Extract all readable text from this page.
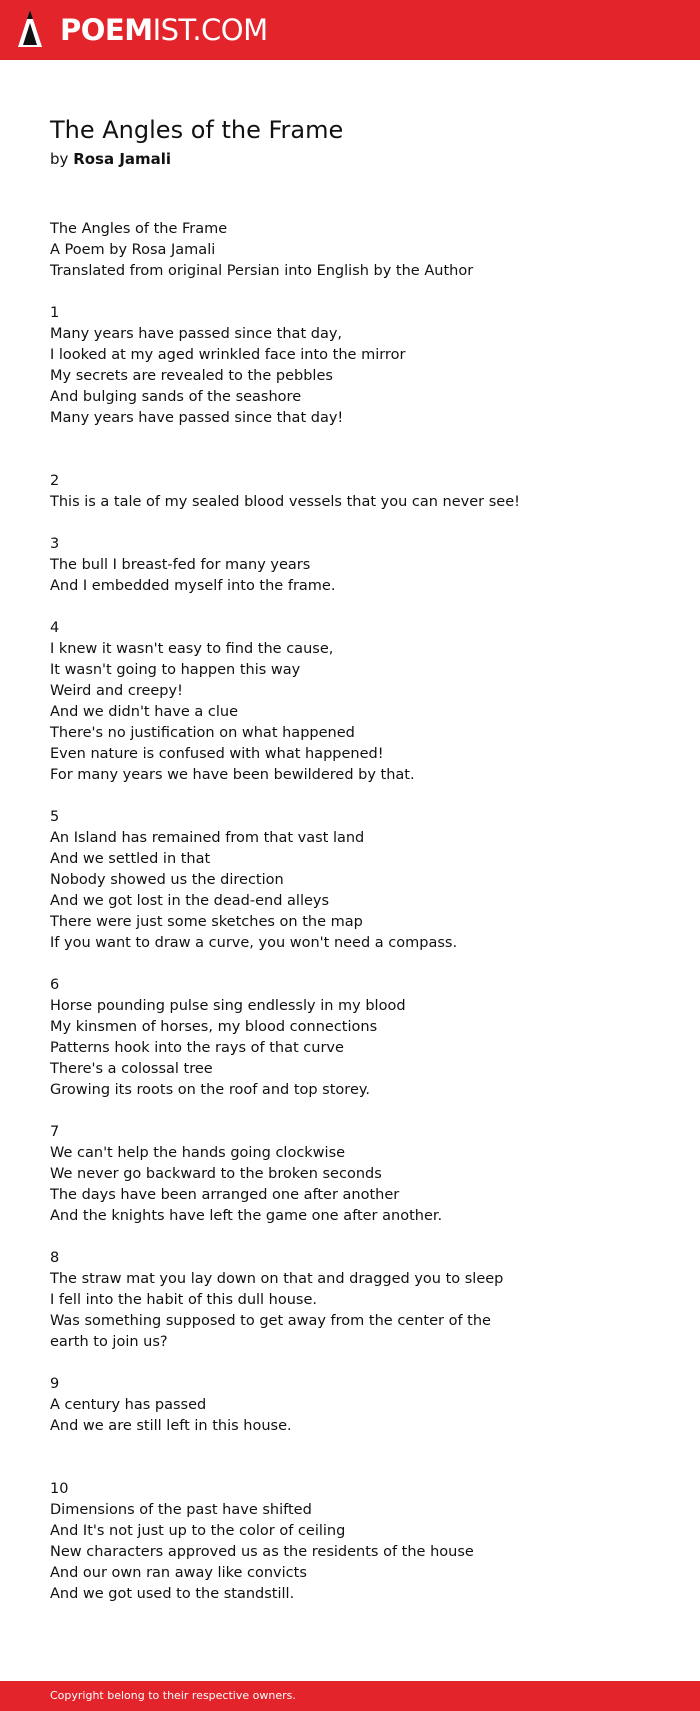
POEMIST.COM
The Angles of the Frame
by Rosa Jamali
The Angles of the Frame
A Poem by Rosa Jamali
Translated from original Persian into English by the Author
1
Many years have passed since that day,
I looked at my aged wrinkled face into the mirror
My secrets are revealed to the pebbles
And bulging sands of the seashore
Many years have passed since that day!
2
This is a tale of my sealed blood vessels that you can never see!
3
The bull I breast-fed for many years
And I embedded myself into the frame.
4
I knew it wasn't easy to find the cause,
It wasn't going to happen this way
Weird and creepy!
And we didn't have a clue
There's no justification on what happened
Even nature is confused with what happened!
For many years we have been bewildered by that.
5
An Island has remained from that vast land
And we settled in that
Nobody showed us the direction
And we got lost in the dead-end alleys
There were just some sketches on the map
If you want to draw a curve, you won't need a compass.
6
Horse pounding pulse sing endlessly in my blood
My kinsmen of horses, my blood connections
Patterns hook into the rays of that curve
There's a colossal tree
Growing its roots on the roof and top storey.
7
We can't help the hands going clockwise
We never go backward to the broken seconds
The days have been arranged one after another
And the knights have left the game one after another.
8
The straw mat you lay down on that and dragged you to sleep
I fell into the habit of this dull house.
Was something supposed to get away from the center of the earth to join us?
9
A century has passed
And we are still left in this house.
10
Dimensions of the past have shifted
And It's not just up to the color of ceiling
New characters approved us as the residents of the house
And our own ran away like convicts
And we got used to the standstill.
Copyright belong to their respective owners.
